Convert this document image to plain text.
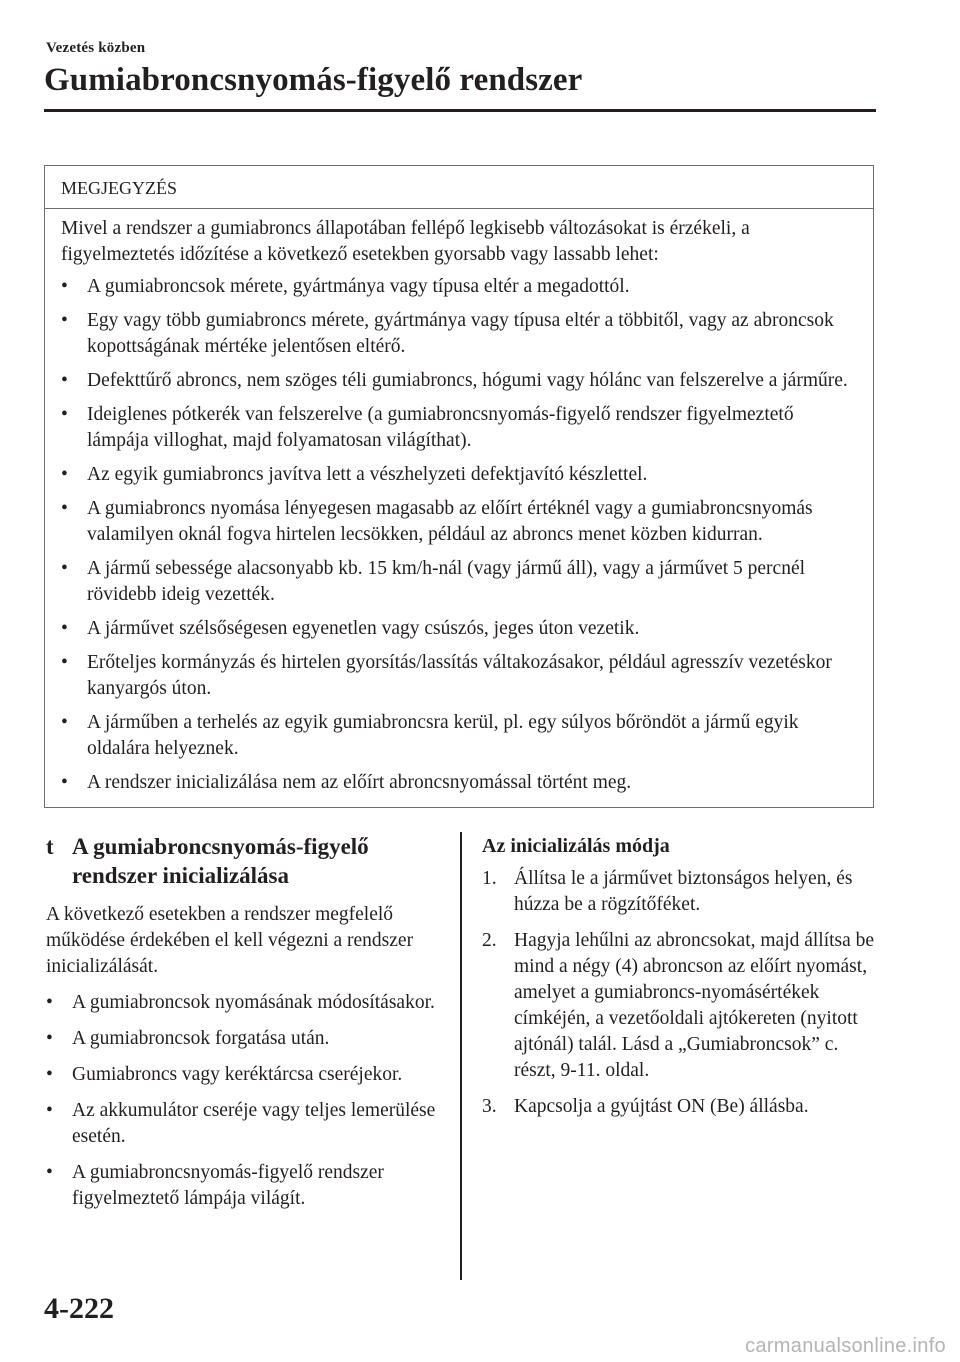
Vezetés közben
Gumiabroncsnyomás-figyelő rendszer
MEGJEGYZÉS

Mivel a rendszer a gumiabroncs állapotában fellépő legkisebb változásokat is érzékeli, a figyelmeztetés időzítése a következő esetekben gyorsabb vagy lassabb lehet:

• A gumiabroncsok mérete, gyártmánya vagy típusa eltér a megadottól.
• Egy vagy több gumiabroncs mérete, gyártmánya vagy típusa eltér a többitől, vagy az abroncsok kopottságának mértéke jelentősen eltérő.
• Defekttűrő abroncs, nem szöges téli gumiabroncs, hógumi vagy hólánc van felszerelve a járműre.
• Ideiglenes pótkerék van felszerelve (a gumiabroncsnyomás-figyelő rendszer figyelmeztető lámpája villoghat, majd folyamatosan világíthat).
• Az egyik gumiabroncs javítva lett a vészhelyzeti defektjavító készlettel.
• A gumiabroncs nyomása lényegesen magasabb az előírt értéknél vagy a gumiabroncsnyomás valamilyen oknál fogva hirtelen lecsökken, például az abroncs menet közben kidurran.
• A jármű sebessége alacsonyabb kb. 15 km/h-nál (vagy jármű áll), vagy a járművet 5 percnél rövidebb ideig vezették.
• A járművet szélsőségesen egyenetlen vagy csúszós, jeges úton vezetik.
• Erőteljes kormányzás és hirtelen gyorsítás/lassítás váltakozásakor, például agresszív vezetéskor kanyargós úton.
• A járműben a terhelés az egyik gumiabroncsra kerül, pl. egy súlyos bőröndöt a jármű egyik oldalára helyeznek.
• A rendszer inicializálása nem az előírt abroncsnyomással történt meg.
t A gumiabroncsnyomás-figyelő rendszer inicializálása

A következő esetekben a rendszer megfelelő működése érdekében el kell végezni a rendszer inicializálását.

• A gumiabroncsok nyomásának módosításakor.
• A gumiabroncsok forgatása után.
• Gumiabroncs vagy keréktárcsa cseréjekor.
• Az akkumulátor cseréje vagy teljes lemerülése esetén.
• A gumiabroncsnyomás-figyelő rendszer figyelmeztető lámpája világít.
Az inicializálás módja
1. Állítsa le a járművet biztonságos helyen, és húzza be a rögzítőféket.
2. Hagyja lehűlni az abroncsokat, majd állítsa be mind a négy (4) abroncson az előírt nyomást, amelyet a gumiabroncs-nyomásértékek címkéjén, a vezetőoldali ajtókereten (nyitott ajtónál) talál. Lásd a „Gumiabroncsok” c. részt, 9-11. oldal.
3. Kapcsolja a gyújtást ON (Be) állásba.
4-222
carmanualsonline.info
